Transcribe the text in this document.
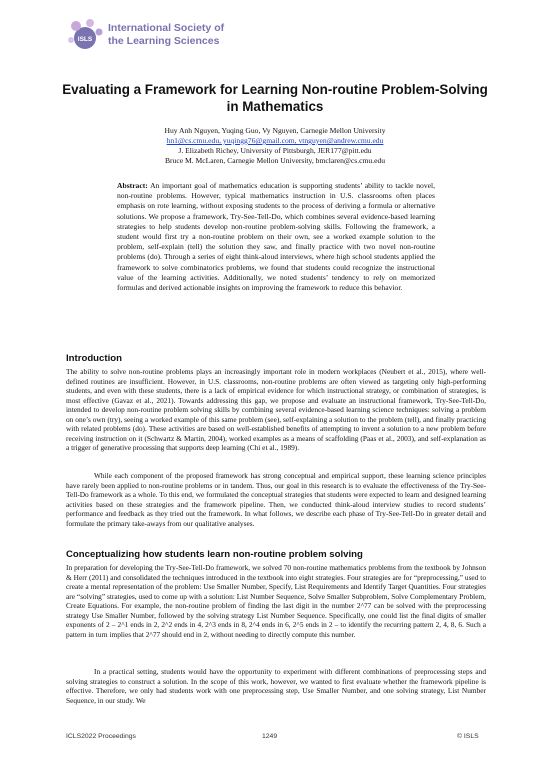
ISLS
International Society of
the Learning Sciences
Evaluating a Framework for Learning Non-routine Problem-Solving
in Mathematics
Huy Anh Nguyen, Yuqing Guo, Vy Nguyen, Carnegie Mellon University
hn1@cs.cmu.edu, yuqingg76@gmail.com, vtnguyen@andrew.cmu.edu
J. Elizabeth Richey, University of Pittsburgh, JER177@pitt.edu
Bruce M. McLaren, Carnegie Mellon University, bmclaren@cs.cmu.edu
Abstract: An important goal of mathematics education is supporting students’ ability to tackle novel, non-routine problems. However, typical mathematics instruction in U.S. classrooms often places emphasis on rote learning, without exposing students to the process of deriving a formula or alternative solutions. We propose a framework, Try-See-Tell-Do, which combines several evidence-based learning strategies to help students develop non-routine problem-solving skills. Following the framework, a student would first try a non-routine problem on their own, see a worked example solution to the problem, self-explain (tell) the solution they saw, and finally practice with two novel non-routine problems (do). Through a series of eight think-aloud interviews, where high school students applied the framework to solve combinatorics problems, we found that students could recognize the instructional value of the learning activities. Additionally, we noted students’ tendency to rely on memorized formulas and derived actionable insights on improving the framework to reduce this behavior.
Introduction

The ability to solve non-routine problems plays an increasingly important role in modern workplaces (Neubert et al., 2015), where well-defined routines are insufficient. However, in U.S. classrooms, non-routine problems are often viewed as targeting only high-performing students, and even with these students, there is a lack of empirical evidence for which instructional strategy, or combination of strategies, is most effective (Gavaz et al., 2021). Towards addressing this gap, we propose and evaluate an instructional framework, Try-See-Tell-Do, intended to develop non-routine problem solving skills by combining several evidence-based learning science techniques: solving a problem on one’s own (try), seeing a worked example of this same problem (see), self-explaining a solution to the problem (tell), and finally practicing with related problems (do). These activities are based on well-established benefits of attempting to invent a solution to a new problem before receiving instruction on it (Schwartz & Martin, 2004), worked examples as a means of scaffolding (Paas et al., 2003), and self-explanation as a trigger of generative processing that supports deep learning (Chi et al., 1989).

While each component of the proposed framework has strong conceptual and empirical support, these learning science principles have rarely been applied to non-routine problems or in tandem. Thus, our goal in this research is to evaluate the effectiveness of the Try-See-Tell-Do framework as a whole. To this end, we formulated the conceptual strategies that students were expected to learn and designed learning activities based on these strategies and the framework pipeline. Then, we conducted think-aloud interview studies to record students’ performance and feedback as they tried out the framework. In what follows, we describe each phase of Try-See-Tell-Do in greater detail and formulate the primary take-aways from our qualitative analyses.

Conceptualizing how students learn non-routine problem solving

In preparation for developing the Try-See-Tell-Do framework, we solved 70 non-routine mathematics problems from the textbook by Johnson & Herr (2011) and consolidated the techniques introduced in the textbook into eight strategies. Four strategies are for “preprocessing,” used to create a mental representation of the problem: Use Smaller Number, Specify, List Requirements and Identify Target Quantities. Four strategies are “solving” strategies, used to come up with a solution: List Number Sequence, Solve Smaller Subproblem, Solve Complementary Problem, Create Equations. For example, the non-routine problem of finding the last digit in the number 2^77 can be solved with the preprocessing strategy Use Smaller Number, followed by the solving strategy List Number Sequence. Specifically, one could list the final digits of smaller exponents of 2 – 2^1 ends in 2, 2^2 ends in 4, 2^3 ends in 8, 2^4 ends in 6, 2^5 ends in 2 – to identify the recurring pattern 2, 4, 8, 6. Such a pattern in turn implies that 2^77 should end in 2, without needing to directly compute this number.

In a practical setting, students would have the opportunity to experiment with different combinations of preprocessing steps and solving strategies to construct a solution. In the scope of this work, however, we wanted to first evaluate whether the framework pipeline is effective. Therefore, we only had students work with one preprocessing step, Use Smaller Number, and one solving strategy, List Number Sequence, in our study. We

ICLS2022 Proceedings	1249	© ISLS
